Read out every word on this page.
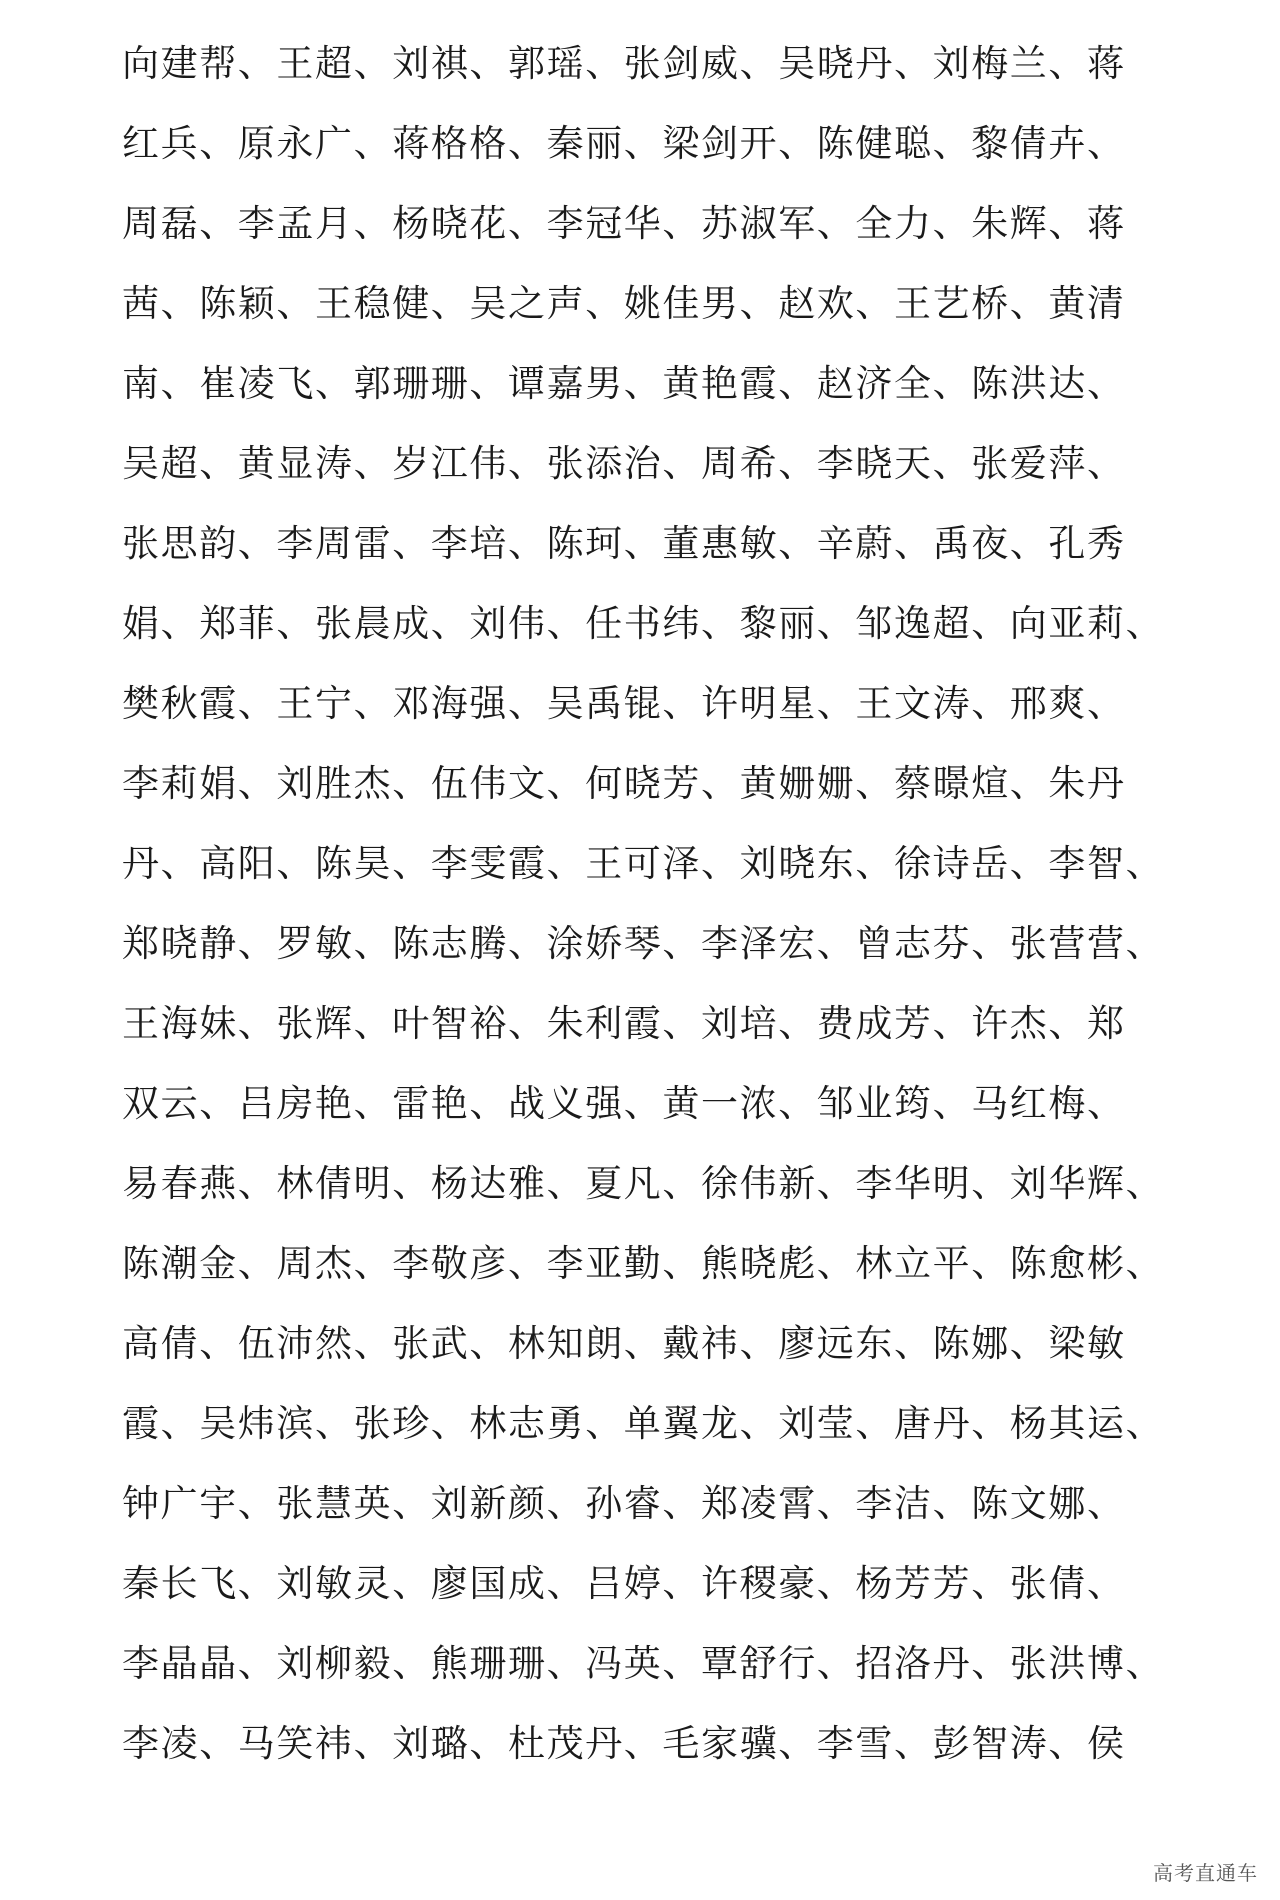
向建帮、王超、刘祺、郭瑶、张剑威、吴晓丹、刘梅兰、蒋
红兵、原永广、蒋格格、秦丽、梁剑开、陈健聪、黎倩卉、
周磊、李孟月、杨晓花、李冠华、苏淑军、全力、朱辉、蒋
茜、陈颖、王稳健、吴之声、姚佳男、赵欢、王艺桥、黄清
南、崔凌飞、郭珊珊、谭嘉男、黄艳霞、赵济全、陈洪达、
吴超、黄显涛、岁江伟、张添治、周希、李晓天、张爱萍、
张思韵、李周雷、李培、陈珂、董惠敏、辛蔚、禹夜、孔秀
娟、郑菲、张晨成、刘伟、任书纬、黎丽、邹逸超、向亚莉、
樊秋霞、王宁、邓海强、吴禹锟、许明星、王文涛、邢爽、
李莉娟、刘胜杰、伍伟文、何晓芳、黄姗姗、蔡暻煊、朱丹
丹、高阳、陈昊、李雯霞、王可泽、刘晓东、徐诗岳、李智、
郑晓静、罗敏、陈志腾、涂娇琴、李泽宏、曾志芬、张营营、
王海妹、张辉、叶智裕、朱利霞、刘培、费成芳、许杰、郑
双云、吕房艳、雷艳、战义强、黄一浓、邹业筠、马红梅、
易春燕、林倩明、杨达雅、夏凡、徐伟新、李华明、刘华辉、
陈潮金、周杰、李敬彦、李亚勤、熊晓彪、林立平、陈愈彬、
高倩、伍沛然、张武、林知朗、戴祎、廖远东、陈娜、梁敏
霞、吴炜滨、张珍、林志勇、单翼龙、刘莹、唐丹、杨其运、
钟广宇、张慧英、刘新颜、孙睿、郑凌霄、李洁、陈文娜、
秦长飞、刘敏灵、廖国成、吕婷、许稷豪、杨芳芳、张倩、
李晶晶、刘柳毅、熊珊珊、冯英、覃舒行、招洛丹、张洪博、
李凌、马笑祎、刘璐、杜茂丹、毛家骥、李雪、彭智涛、侯
高考直通车
